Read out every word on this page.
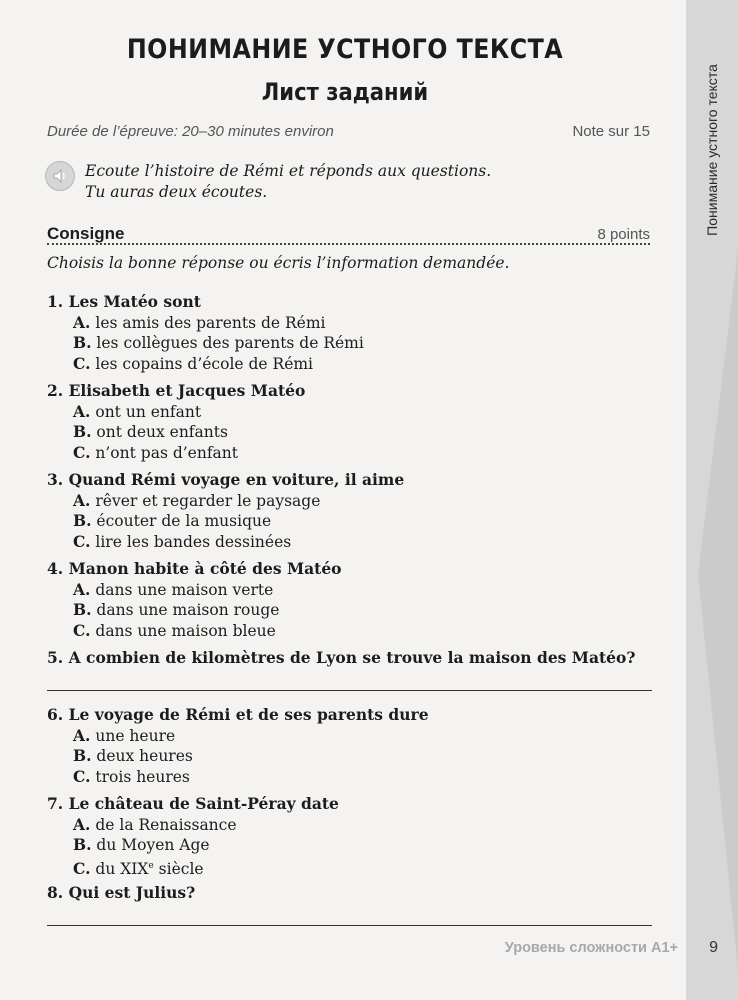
Понимание устного текста
ПОНИМАНИЕ УСТНОГО ТЕКСТА
Лист заданий
Durée de l’épreuve: 20–30 minutes environ	Note sur 15
Ecoute l’histoire de Rémi et réponds aux questions.
Tu auras deux écoutes.
Consigne	8 points
Choisis la bonne réponse ou écris l’information demandée.
1. Les Matéo sont
A. les amis des parents de Rémi
B. les collègues des parents de Rémi
C. les copains d’école de Rémi
2. Elisabeth et Jacques Matéo
A. ont un enfant
B. ont deux enfants
C. n’ont pas d’enfant
3. Quand Rémi voyage en voiture, il aime
A. rêver et regarder le paysage
B. écouter de la musique
C. lire les bandes dessinées
4. Manon habite à côté des Matéo
A. dans une maison verte
B. dans une maison rouge
C. dans une maison bleue
5. A combien de kilomètres de Lyon se trouve la maison des Matéo?
6. Le voyage de Rémi et de ses parents dure
A. une heure
B. deux heures
C. trois heures
7. Le château de Saint-Péray date
A. de la Renaissance
B. du Moyen Age
C. du XIXe siècle
8. Qui est Julius?
Уровень сложности A1+ 9
